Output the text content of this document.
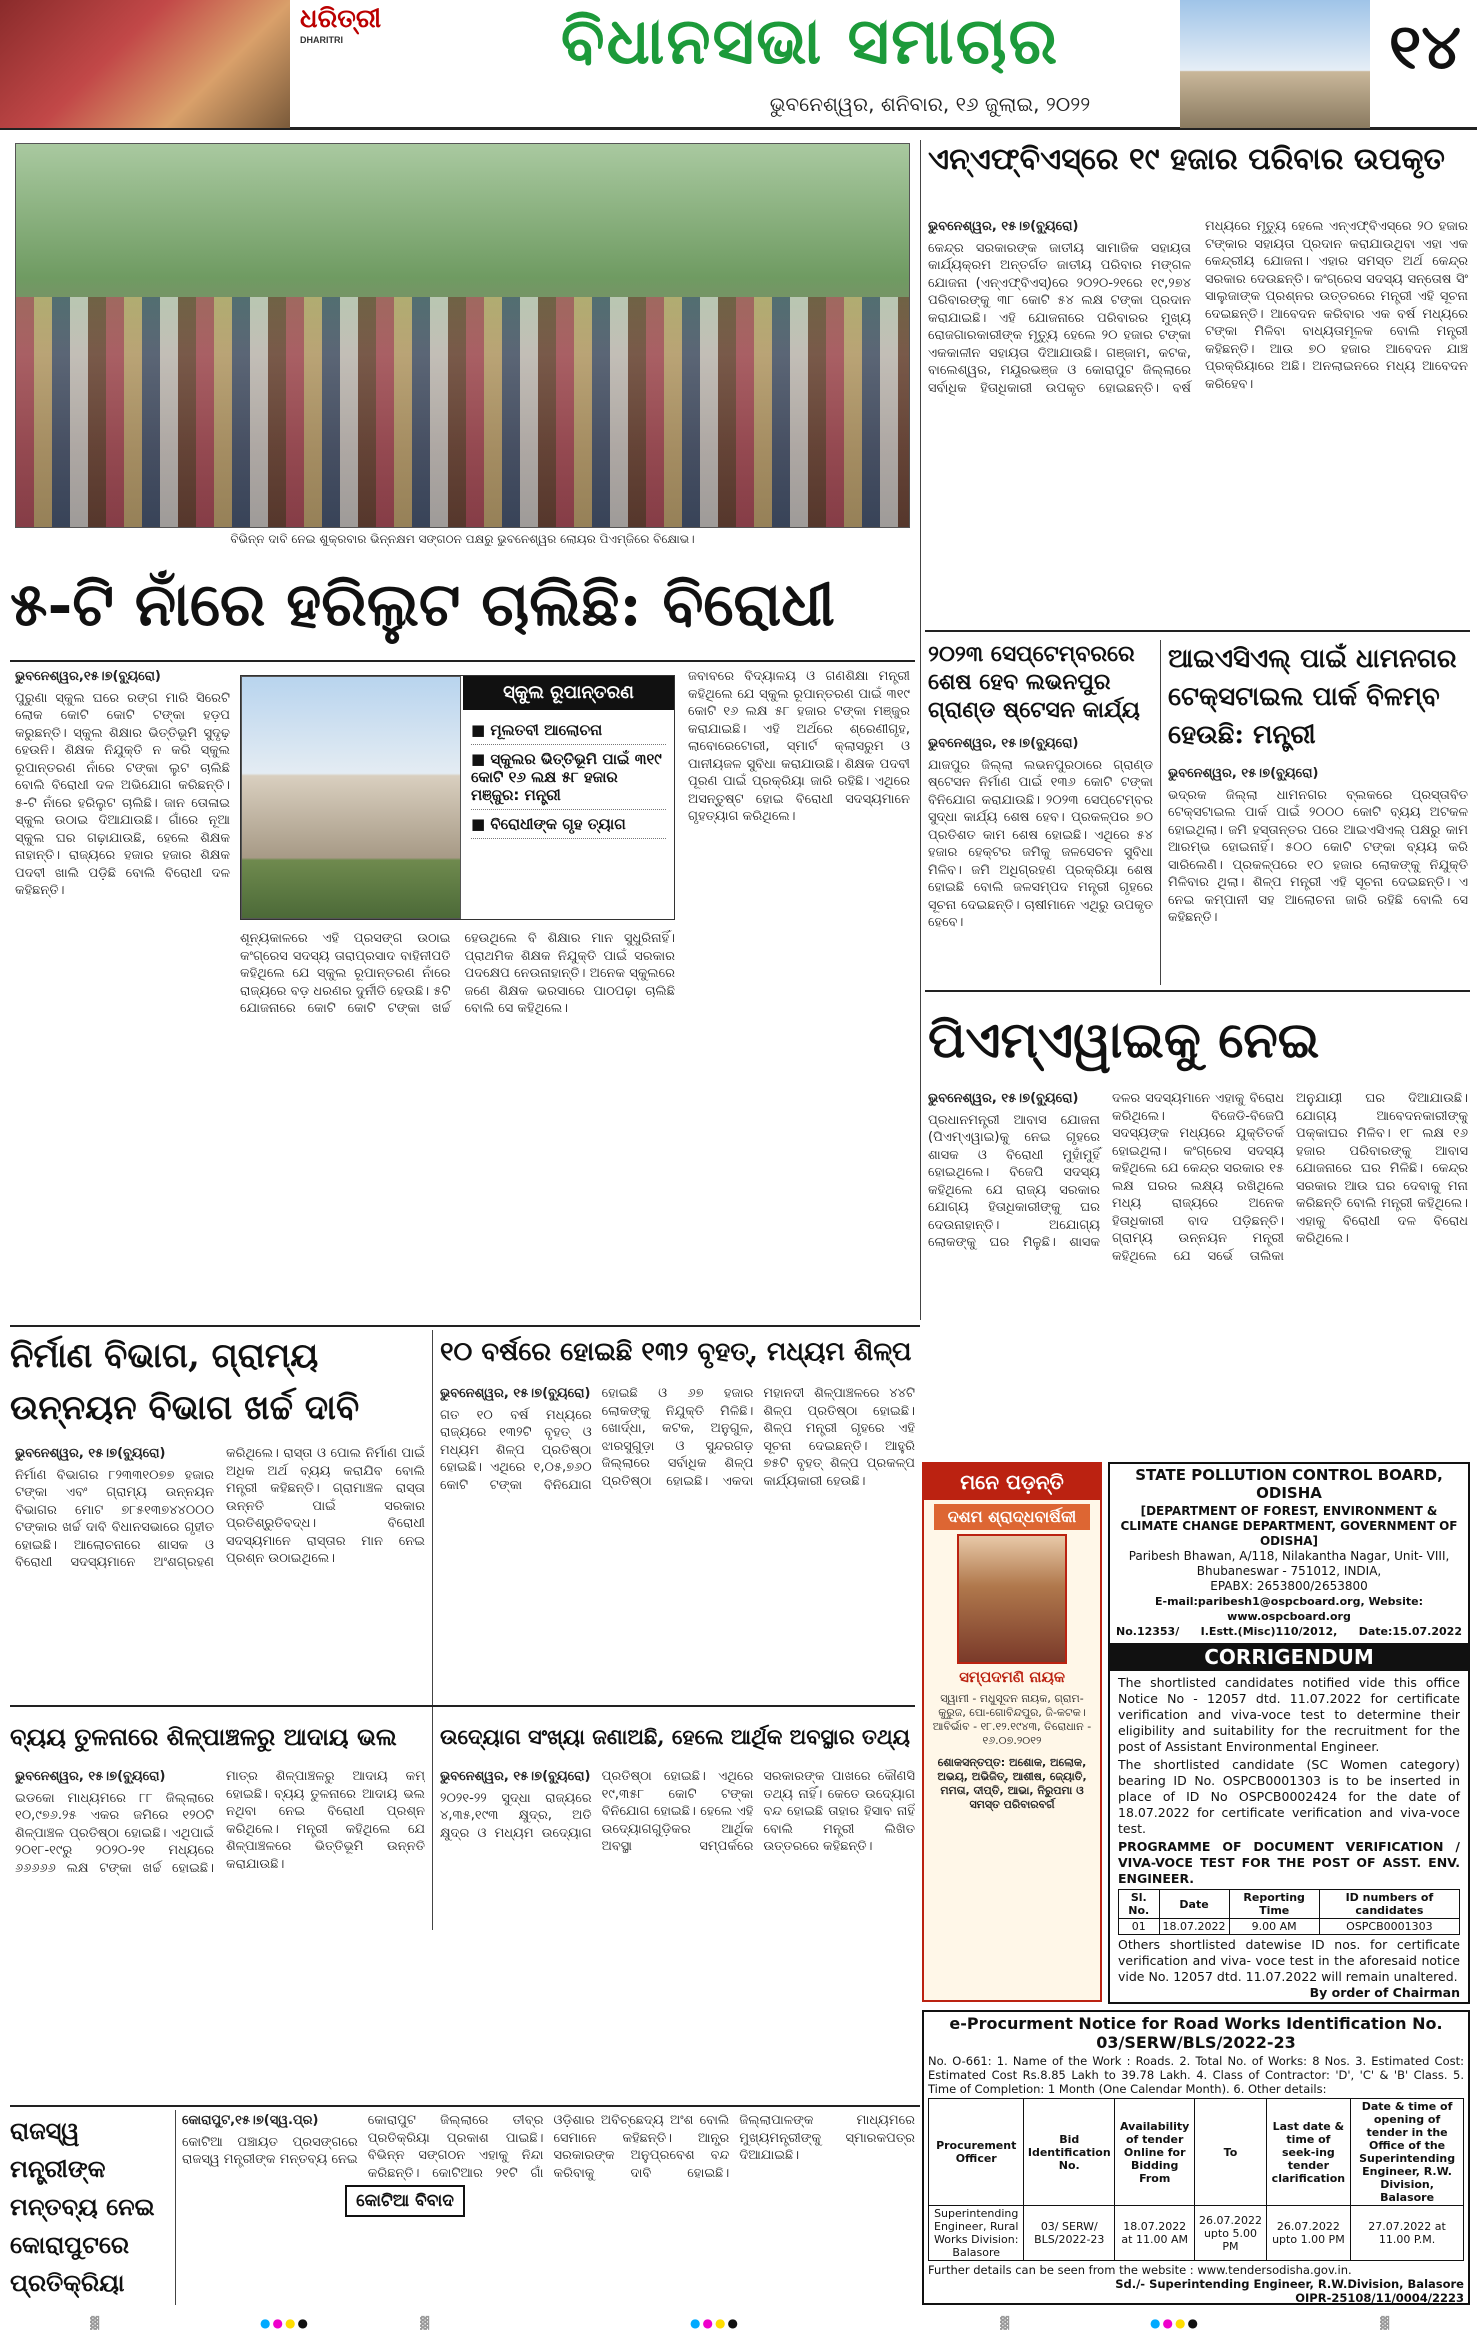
ଧରିତ୍ରୀ
DHARITRI	ବିଧାନସଭା ସମାଚାର
ଭୁବନେଶ୍ୱର, ଶନିବାର, ୧୬ ଜୁଲାଇ, ୨୦୨୨
୧୪
ବିଭିନ୍ନ ଦାବି ନେଇ ଶୁକ୍ରବାର ଭିନ୍ନକ୍ଷମ ସଙ୍ଗଠନ ପକ୍ଷରୁ ଭୁବନେଶ୍ୱର ଲୋୟର ପିଏମ୍‌ଜିରେ ବିକ୍ଷୋଭ।
୫-ଟି ନାଁରେ ହରିଲୁଟ ଚାଲିଛି: ବିରୋଧୀ
ଭୁବନେଶ୍ୱର,୧୫।୭(ବ୍ୟୁରୋ)
ପୁରୁଣା ସ୍କୁଲ ଘରେ ରଙ୍ଗ ମାରି ସିରେଟି ଲୋକ କୋଟି କୋଟି ଟଙ୍କା ହଡ଼ପ କରୁଛନ୍ତି। ସ୍କୁଲ ଶିକ୍ଷାର ଭିତ୍ତିଭୂମି ସୁଦୃଢ଼ ହେଉନି। ଶିକ୍ଷକ ନିଯୁକ୍ତି ନ କରି ସ୍କୁଲ ରୂପାନ୍ତରଣ ନାଁରେ ଟଙ୍କା ଲୁଟ ଚାଲିଛି ବୋଲି ବିରୋଧୀ ଦଳ ଅଭିଯୋଗ କରିଛନ୍ତି। ୫-ଟି ନାଁରେ ହରିଲୁଟ ଚାଲିଛି। ଜାନ ତୋଳାଇ ସ୍କୁଲ ଉଠାଇ ଦିଆଯାଉଛି। ଗାଁରେ ନୂଆ ସ୍କୁଲ ଘର ଗଢ଼ାଯାଉଛି, ହେଲେ ଶିକ୍ଷକ ନାହାନ୍ତି। ରାଜ୍ୟରେ ହଜାର ହଜାର ଶିକ୍ଷକ ପଦବୀ ଖାଲି ପଡ଼ିଛି ବୋଲି ବିରୋଧୀ ଦଳ କହିଛନ୍ତି।
ସ୍କୁଲ ରୂପାନ୍ତରଣ
■ ମୂଲତବୀ ଆଲୋଚନା
■ ସ୍କୁଲର ଭିତ୍ତିଭୂମି ପାଇଁ ୩୧୯ କୋଟି ୧୬ ଲକ୍ଷ ୫୮ ହଜାର ମଞ୍ଜୁର: ମନ୍ତ୍ରୀ
■ ବିରୋଧୀଙ୍କ ଗୃହ ତ୍ୟାଗ
ଶୂନ୍ୟକାଳରେ ଏହି ପ୍ରସଙ୍ଗ ଉଠାଇ କଂଗ୍ରେସ ସଦସ୍ୟ ତାରାପ୍ରସାଦ ବାହିନୀପତି କହିଥିଲେ ଯେ ସ୍କୁଲ ରୂପାନ୍ତରଣ ନାଁରେ ରାଜ୍ୟରେ ବଡ଼ ଧରଣର ଦୁର୍ନୀତି ହେଉଛି। ୫ଟି ଯୋଜନାରେ କୋଟି କୋଟି ଟଙ୍କା ଖର୍ଚ୍ଚ ହେଉଥିଲେ ବି ଶିକ୍ଷାର ମାନ ସୁଧୁରିନାହିଁ। ପ୍ରାଥମିକ ଶିକ୍ଷକ ନିଯୁକ୍ତି ପାଇଁ ସରକାର ପଦକ୍ଷେପ ନେଉନାହାନ୍ତି। ଅନେକ ସ୍କୁଲରେ ଜଣେ ଶିକ୍ଷକ ଭରସାରେ ପାଠପଢ଼ା ଚାଲିଛି ବୋଲି ସେ କହିଥିଲେ।
ଜବାବରେ ବିଦ୍ୟାଳୟ ଓ ଗଣଶିକ୍ଷା ମନ୍ତ୍ରୀ କହିଥିଲେ ଯେ ସ୍କୁଲ ରୂପାନ୍ତରଣ ପାଇଁ ୩୧୯ କୋଟି ୧୬ ଲକ୍ଷ ୫୮ ହଜାର ଟଙ୍କା ମଞ୍ଜୁର କରାଯାଇଛି। ଏହି ଅର୍ଥରେ ଶ୍ରେଣୀଗୃହ, ଲାବୋରେଟୋରୀ, ସ୍ମାର୍ଟ କ୍ଲାସରୁମ ଓ ପାନୀୟଜଳ ସୁବିଧା କରାଯାଉଛି। ଶିକ୍ଷକ ପଦବୀ ପୂରଣ ପାଇଁ ପ୍ରକ୍ରିୟା ଜାରି ରହିଛି। ଏଥିରେ ଅସନ୍ତୁଷ୍ଟ ହୋଇ ବିରୋଧୀ ସଦସ୍ୟମାନେ ଗୃହତ୍ୟାଗ କରିଥିଲେ।
ଏନ୍‌ଏଫ୍‌ବିଏସ୍‌ରେ ୧୯ ହଜାର ପରିବାର ଉପକୃତ
ଭୁବନେଶ୍ୱର, ୧୫।୭(ବ୍ୟୁରୋ)
କେନ୍ଦ୍ର ସରକାରଙ୍କ ଜାତୀୟ ସାମାଜିକ ସହାୟତା କାର୍ଯ୍ୟକ୍ରମ ଅନ୍ତର୍ଗତ ଜାତୀୟ ପରିବାର ମଙ୍ଗଳ ଯୋଜନା (ଏନ୍‌ଏଫ୍‌ବିଏସ୍)ରେ ୨୦୨୦-୨୧ରେ ୧୯,୨୭୪ ପରିବାରଙ୍କୁ ୩୮ କୋଟି ୫୪ ଲକ୍ଷ ଟଙ୍କା ପ୍ରଦାନ କରାଯାଇଛି। ଏହି ଯୋଜନାରେ ପରିବାରର ମୁଖ୍ୟ ରୋଜଗାରକାରୀଙ୍କ ମୃତ୍ୟୁ ହେଲେ ୨୦ ହଜାର ଟଙ୍କା ଏକକାଳୀନ ସହାୟତା ଦିଆଯାଉଛି। ଗଞ୍ଜାମ, କଟକ, ବାଲେଶ୍ୱର, ମୟୂରଭଞ୍ଜ ଓ କୋରାପୁଟ ଜିଲ୍ଲାରେ ସର୍ବାଧିକ ହିତାଧିକାରୀ ଉପକୃତ ହୋଇଛନ୍ତି। ବର୍ଷ ମଧ୍ୟରେ ମୃତ୍ୟୁ ହେଲେ ଏନ୍‌ଏଫ୍‌ବିଏସ୍‌ରେ ୨୦ ହଜାର ଟଙ୍କାର ସହାୟତା ପ୍ରଦାନ କରାଯାଉଥିବା ଏହା ଏକ କେନ୍ଦ୍ରୀୟ ଯୋଜନା। ଏହାର ସମସ୍ତ ଅର୍ଥ କେନ୍ଦ୍ର ସରକାର ଦେଉଛନ୍ତି। କଂଗ୍ରେସ ସଦସ୍ୟ ସନ୍ତୋଷ ସିଂ ସାଲୁଜାଙ୍କ ପ୍ରଶ୍ନର ଉତ୍ତରରେ ମନ୍ତ୍ରୀ ଏହି ସୂଚନା ଦେଇଛନ୍ତି। ଆବେଦନ କରିବାର ଏକ ବର୍ଷ ମଧ୍ୟରେ ଟଙ୍କା ମିଳିବା ବାଧ୍ୟତାମୂଳକ ବୋଲି ମନ୍ତ୍ରୀ କହିଛନ୍ତି। ଆଉ ୭୦ ହଜାର ଆବେଦନ ଯାଞ୍ଚ ପ୍ରକ୍ରିୟାରେ ଅଛି। ଅନଲାଇନରେ ମଧ୍ୟ ଆବେଦନ କରିହେବ।
୨୦୨୩ ସେପ୍ଟେମ୍ବରରେ ଶେଷ ହେବ ଲଭନପୁର ଗ୍ରାଣ୍ଡ ଷ୍ଟେସନ କାର୍ଯ୍ୟ
ଭୁବନେଶ୍ୱର, ୧୫।୭(ବ୍ୟୁରୋ)
ଯାଜପୁର ଜିଲ୍ଲା ଲଭନପୁରଠାରେ ଗ୍ରାଣ୍ଡ ଷ୍ଟେସନ ନିର୍ମାଣ ପାଇଁ ୧୩୬ କୋଟି ଟଙ୍କା ବିନିଯୋଗ କରାଯାଉଛି। ୨୦୨୩ ସେପ୍ଟେମ୍ବର ସୁଦ୍ଧା କାର୍ଯ୍ୟ ଶେଷ ହେବ। ପ୍ରକଳ୍ପର ୭୦ ପ୍ରତିଶତ କାମ ଶେଷ ହୋଇଛି। ଏଥିରେ ୫୪ ହଜାର ହେକ୍ଟର ଜମିକୁ ଜଳସେଚନ ସୁବିଧା ମିଳିବ। ଜମି ଅଧିଗ୍ରହଣ ପ୍ରକ୍ରିୟା ଶେଷ ହୋଇଛି ବୋଲି ଜଳସମ୍ପଦ ମନ୍ତ୍ରୀ ଗୃହରେ ସୂଚନା ଦେଇଛନ୍ତି। ଚାଷୀମାନେ ଏଥିରୁ ଉପକୃତ ହେବେ।
ଆଇଏସିଏଲ୍ ପାଇଁ ଧାମନଗର ଟେକ୍ସଟାଇଲ ପାର୍କ ବିଳମ୍ବ ହେଉଛି: ମନ୍ତ୍ରୀ
ଭୁବନେଶ୍ୱର, ୧୫।୭(ବ୍ୟୁରୋ)
ଭଦ୍ରକ ଜିଲ୍ଲା ଧାମନଗର ବ୍ଲକରେ ପ୍ରସ୍ତାବିତ ଟେକ୍ସଟାଇଲ ପାର୍କ ପାଇଁ ୨୦୦୦ କୋଟି ବ୍ୟୟ ଅଟକଳ ହୋଇଥିଲା। ଜମି ହସ୍ତାନ୍ତର ପରେ ଆଇଏସିଏଲ୍ ପକ୍ଷରୁ କାମ ଆରମ୍ଭ ହୋଇନାହିଁ। ୫୦୦ କୋଟି ଟଙ୍କା ବ୍ୟୟ କରି ସାରିଲେଣି। ପ୍ରକଳ୍ପରେ ୧୦ ହଜାର ଲୋକଙ୍କୁ ନିଯୁକ୍ତି ମିଳିବାର ଥିଲା। ଶିଳ୍ପ ମନ୍ତ୍ରୀ ଏହି ସୂଚନା ଦେଇଛନ୍ତି। ଏ ନେଇ କମ୍ପାନୀ ସହ ଆଲୋଚନା ଜାରି ରହିଛି ବୋଲି ସେ କହିଛନ୍ତି।
ପିଏମ୍‌ଏୱାଇକୁ ନେଇ
ଭୁବନେଶ୍ୱର, ୧୫।୭(ବ୍ୟୁରୋ)
ପ୍ରଧାନମନ୍ତ୍ରୀ ଆବାସ ଯୋଜନା (ପିଏମ୍‌ଏୱାଇ)କୁ ନେଇ ଗୃହରେ ଶାସକ ଓ ବିରୋଧୀ ମୁହାଁମୁହିଁ ହୋଇଥିଲେ। ବିଜେପି ସଦସ୍ୟ କହିଥିଲେ ଯେ ରାଜ୍ୟ ସରକାର ଯୋଗ୍ୟ ହିତାଧିକାରୀଙ୍କୁ ଘର ଦେଉନାହାନ୍ତି। ଅଯୋଗ୍ୟ ଲୋକଙ୍କୁ ଘର ମିଳୁଛି। ଶାସକ ଦଳର ସଦସ୍ୟମାନେ ଏହାକୁ ବିରୋଧ କରିଥିଲେ।	ବିଜେଡି-ବିଜେପି ସଦସ୍ୟଙ୍କ ମଧ୍ୟରେ ଯୁକ୍ତିତର୍କ ହୋଇଥିଲା। କଂଗ୍ରେସ ସଦସ୍ୟ କହିଥିଲେ ଯେ କେନ୍ଦ୍ର ସରକାର ୧୫ ଲକ୍ଷ ଘରର ଲକ୍ଷ୍ୟ ରଖିଥିଲେ ମଧ୍ୟ ରାଜ୍ୟରେ ଅନେକ ହିତାଧିକାରୀ ବାଦ ପଡ଼ିଛନ୍ତି। ଗ୍ରାମ୍ୟ ଉନ୍ନୟନ ମନ୍ତ୍ରୀ କହିଥିଲେ ଯେ ସର୍ଭେ ତାଲିକା ଅନୁଯାୟୀ ଘର ଦିଆଯାଉଛି। ଯୋଗ୍ୟ ଆବେଦନକାରୀଙ୍କୁ ପକ୍କାଘର ମିଳିବ। ୧୮ ଲକ୍ଷ ୧୬ ହଜାର ପରିବାରଙ୍କୁ ଆବାସ ଯୋଜନାରେ ଘର ମିଳିଛି। କେନ୍ଦ୍ର ସରକାର ଆଉ ଘର ଦେବାକୁ ମନା କରିଛନ୍ତି ବୋଲି ମନ୍ତ୍ରୀ କହିଥିଲେ। ଏହାକୁ ବିରୋଧୀ ଦଳ ବିରୋଧ କରିଥିଲେ।
ନିର୍ମାଣ ବିଭାଗ, ଗ୍ରାମ୍ୟ ଉନ୍ନୟନ ବିଭାଗ ଖର୍ଚ୍ଚ ଦାବି
ଭୁବନେଶ୍ୱର, ୧୫।୭(ବ୍ୟୁରୋ)
ନିର୍ମାଣ ବିଭାଗର ୮୨୩୩୧୦୭୭ ହଜାର ଟଙ୍କା ଏବଂ ଗ୍ରାମ୍ୟ ଉନ୍ନୟନ ବିଭାଗର ମୋଟ ୭୮୫୧୩୭୪୪୦୦୦ ଟଙ୍କାର ଖର୍ଚ୍ଚ ଦାବି ବିଧାନସଭାରେ ଗୃହୀତ ହୋଇଛି। ଆଲୋଚନାରେ ଶାସକ ଓ ବିରୋଧୀ ସଦସ୍ୟମାନେ ଅଂଶଗ୍ରହଣ କରିଥିଲେ। ରାସ୍ତା ଓ ପୋଲ ନିର୍ମାଣ ପାଇଁ ଅଧିକ ଅର୍ଥ ବ୍ୟୟ କରାଯିବ ବୋଲି ମନ୍ତ୍ରୀ କହିଛନ୍ତି। ଗ୍ରାମାଞ୍ଚଳ ରାସ୍ତା ଉନ୍ନତି ପାଇଁ ସରକାର ପ୍ରତିଶ୍ରୁତିବଦ୍ଧ। ବିରୋଧୀ ସଦସ୍ୟମାନେ ରାସ୍ତାର ମାନ ନେଇ ପ୍ରଶ୍ନ ଉଠାଇଥିଲେ।
୧୦ ବର୍ଷରେ ହୋଇଛି ୧୩୨ ବୃହତ୍, ମଧ୍ୟମ ଶିଳ୍ପ
ଭୁବନେଶ୍ୱର, ୧୫।୭(ବ୍ୟୁରୋ)
ଗତ ୧୦ ବର୍ଷ ମଧ୍ୟରେ ରାଜ୍ୟରେ ୧୩୨ଟି ବୃହତ୍ ଓ ମଧ୍ୟମ ଶିଳ୍ପ ପ୍ରତିଷ୍ଠା ହୋଇଛି। ଏଥିରେ ୧,୦୫,୭୬୦ କୋଟି ଟଙ୍କା ବିନିଯୋଗ ହୋଇଛି ଓ ୬୭ ହଜାର ଲୋକଙ୍କୁ ନିଯୁକ୍ତି ମିଳିଛି। ଖୋର୍ଦ୍ଧା, କଟକ, ଅନୁଗୁଳ, ଝାରସୁଗୁଡ଼ା ଓ ସୁନ୍ଦରଗଡ଼ ଜିଲ୍ଲାରେ ସର୍ବାଧିକ ଶିଳ୍ପ ପ୍ରତିଷ୍ଠା ହୋଇଛି। ଏକଦା ମହାନଦୀ ଶିଳ୍ପାଞ୍ଚଳରେ ୪୪ଟି ଶିଳ୍ପ ପ୍ରତିଷ୍ଠା ହୋଇଛି। ଶିଳ୍ପ ମନ୍ତ୍ରୀ ଗୃହରେ ଏହି ସୂଚନା ଦେଇଛନ୍ତି। ଆହୁରି ୭୫ଟି ବୃହତ୍ ଶିଳ୍ପ ପ୍ରକଳ୍ପ କାର୍ଯ୍ୟକାରୀ ହେଉଛି।
ବ୍ୟୟ ତୁଳନାରେ ଶିଳ୍ପାଞ୍ଚଳରୁ ଆଦାୟ ଭଲ
ଭୁବନେଶ୍ୱର, ୧୫।୭(ବ୍ୟୁରୋ)
ଇଡକୋ ମାଧ୍ୟମରେ ୮୮ ଜିଲ୍ଲାରେ ୧୦,୯୭୬.୨୫ ଏକର ଜମିରେ ୧୨୦ଟି ଶିଳ୍ପାଞ୍ଚଳ ପ୍ରତିଷ୍ଠା ହୋଇଛି। ଏଥିପାଇଁ ୨୦୧୮-୧୯ରୁ ୨୦୨୦-୨୧ ମଧ୍ୟରେ ୬୬୬୬୬ ଲକ୍ଷ ଟଙ୍କା ଖର୍ଚ୍ଚ ହୋଇଛି। ମାତ୍ର ଶିଳ୍ପାଞ୍ଚଳରୁ ଆଦାୟ କମ୍ ହୋଇଛି। ବ୍ୟୟ ତୁଳନାରେ ଆଦାୟ ଭଲ ନଥିବା ନେଇ ବିରୋଧୀ ପ୍ରଶ୍ନ କରିଥିଲେ। ମନ୍ତ୍ରୀ କହିଥିଲେ ଯେ ଶିଳ୍ପାଞ୍ଚଳରେ ଭିତ୍ତିଭୂମି ଉନ୍ନତି କରାଯାଉଛି।
ଉଦ୍ୟୋଗ ସଂଖ୍ୟା ଜଣାଅଛି, ହେଲେ ଆର୍ଥିକ ଅବସ୍ଥାର ତଥ୍ୟ
ଭୁବନେଶ୍ୱର, ୧୫।୭(ବ୍ୟୁରୋ)
୨୦୨୧-୨୨ ସୁଦ୍ଧା ରାଜ୍ୟରେ ୪,୩୫,୧୯୩ କ୍ଷୁଦ୍ର, ଅତି କ୍ଷୁଦ୍ର ଓ ମଧ୍ୟମ ଉଦ୍ୟୋଗ ପ୍ରତିଷ୍ଠା ହୋଇଛି। ଏଥିରେ ୧୯,୩୫୮ କୋଟି ଟଙ୍କା ବିନିଯୋଗ ହୋଇଛି। ହେଲେ ଏହି ଉଦ୍ୟୋଗଗୁଡ଼ିକର ଆର୍ଥିକ ଅବସ୍ଥା ସମ୍ପର୍କରେ ସରକାରଙ୍କ ପାଖରେ କୌଣସି ତଥ୍ୟ ନାହିଁ। କେତେ ଉଦ୍ୟୋଗ ବନ୍ଦ ହୋଇଛି ତାହାର ହିସାବ ନାହିଁ ବୋଲି ମନ୍ତ୍ରୀ ଲିଖିତ ଉତ୍ତରରେ କହିଛନ୍ତି।
ରାଜସ୍ୱ ମନ୍ତ୍ରୀଙ୍କ ମନ୍ତବ୍ୟ ନେଇ କୋରାପୁଟରେ ପ୍ରତିକ୍ରିୟା
କୋରାପୁଟ,୧୫।୭(ସ୍ୱ.ପ୍ର)
କୋଟିଆ ପଞ୍ଚାୟତ ପ୍ରସଙ୍ଗରେ ରାଜସ୍ୱ ମନ୍ତ୍ରୀଙ୍କ ମନ୍ତବ୍ୟ ନେଇ କୋରାପୁଟ ଜିଲ୍ଲାରେ ତୀବ୍ର ପ୍ରତିକ୍ରିୟା ପ୍ରକାଶ ପାଇଛି। ବିଭିନ୍ନ ସଙ୍ଗଠନ ଏହାକୁ ନିନ୍ଦା କରିଛନ୍ତି। କୋଟିଆର ୨୧ଟି ଗାଁ ଓଡ଼ିଶାର ଅବିଚ୍ଛେଦ୍ୟ ଅଂଶ ବୋଲି ସେମାନେ କହିଛନ୍ତି। ଆନ୍ଧ୍ର ସରକାରଙ୍କ ଅନୁପ୍ରବେଶ ବନ୍ଦ କରିବାକୁ ଦାବି ହୋଇଛି। ଜିଲ୍ଲାପାଳଙ୍କ ମାଧ୍ୟମରେ ମୁଖ୍ୟମନ୍ତ୍ରୀଙ୍କୁ ସ୍ମାରକପତ୍ର ଦିଆଯାଇଛି।
କୋଟିଆ ବିବାଦ
ମନେ ପଡ଼ନ୍ତି
ଦଶମ ଶ୍ରାଦ୍ଧବାର୍ଷିକୀ
ସମ୍ପଦମଣି ନାୟକ
ସ୍ୱାମୀ - ମଧୁସୂଦନ ନାୟକ, ଗ୍ରାମ-କୁରୁଜ, ପୋ-ଗୋବିନ୍ଦପୁର, ଜି-କଟକ। ଆବିର୍ଭାବ - ୧୮.୧୨.୧୯୪୩, ତିରୋଧାନ - ୧୬.୦୭.୨୦୧୨
ଶୋକସନ୍ତପ୍ତ: ଅଶୋକ, ଅଲୋକ, ଅଭୟ, ଅଭିଜିତ୍, ଆଶୀଷ, ଜ୍ୟୋତି, ମମତା, ଦୀପ୍ତି, ଆଭା, ନିରୁପମା ଓ ସମସ୍ତ ପରିବାରବର୍ଗ
STATE POLLUTION CONTROL BOARD, ODISHA
[DEPARTMENT OF FOREST, ENVIRONMENT & CLIMATE CHANGE DEPARTMENT, GOVERNMENT OF ODISHA]
Paribesh Bhawan, A/118, Nilakantha Nagar, Unit- VIII, Bhubaneswar - 751012, INDIA,
EPABX: 2653800/2653800
E-mail:paribesh1@ospcboard.org, Website: www.ospcboard.org
No.12353/ I.Estt.(Misc)110/2012, Date:15.07.2022
CORRIGENDUM
The shortlisted candidates notified vide this office Notice No - 12057 dtd. 11.07.2022 for certificate verification and viva-voce test to determine their eligibility and suitability for the recruitment for the post of Assistant Environmental Engineer.
The shortlisted candidate (SC Women category) bearing ID No. OSPCB0001303 is to be inserted in place of ID No OSPCB0002424 for the date of 18.07.2022 for certificate verification and viva-voce test.
PROGRAMME OF DOCUMENT VERIFICATION / VIVA-VOCE TEST FOR THE POST OF ASST. ENV. ENGINEER.
Sl. No.	Date	Reporting Time	ID numbers of candidates
01	18.07.2022	9.00 AM	OSPCB0001303
Others shortlisted datewise ID nos. for certificate verification and viva- voce test in the aforesaid notice vide No. 12057 dtd. 11.07.2022 will remain unaltered.
By order of Chairman
e-Procurment Notice for Road Works Identification No. 03/SERW/BLS/2022-23
No. O-661: 1. Name of the Work : Roads. 2. Total No. of Works: 8 Nos. 3. Estimated Cost: Estimated Cost Rs.8.85 Lakh to 39.78 Lakh. 4. Class of Contractor: 'D', 'C' & 'B' Class. 5. Time of Completion: 1 Month (One Calendar Month). 6. Other details:
Procurement Officer	Bid Identification No.	Availability of tender Online for Bidding From	To	Last date & time of seek-ing tender clarification	Date & time of opening of tender in the Office of the Superintending Engineer, R.W. Division, Balasore
Superintending Engineer, Rural Works Division: Balasore	03/ SERW/ BLS/2022-23	18.07.2022 at 11.00 AM	26.07.2022 upto 5.00 PM	26.07.2022 upto 1.00 PM	27.07.2022 at 11.00 P.M.
Further details can be seen from the website : www.tendersodisha.gov.in.
Sd./- Superintending Engineer, R.W.Division, Balasore
OIPR-25108/11/0004/2223
▓	●●●●	▓	●●●●	▓	●●●●	▓
